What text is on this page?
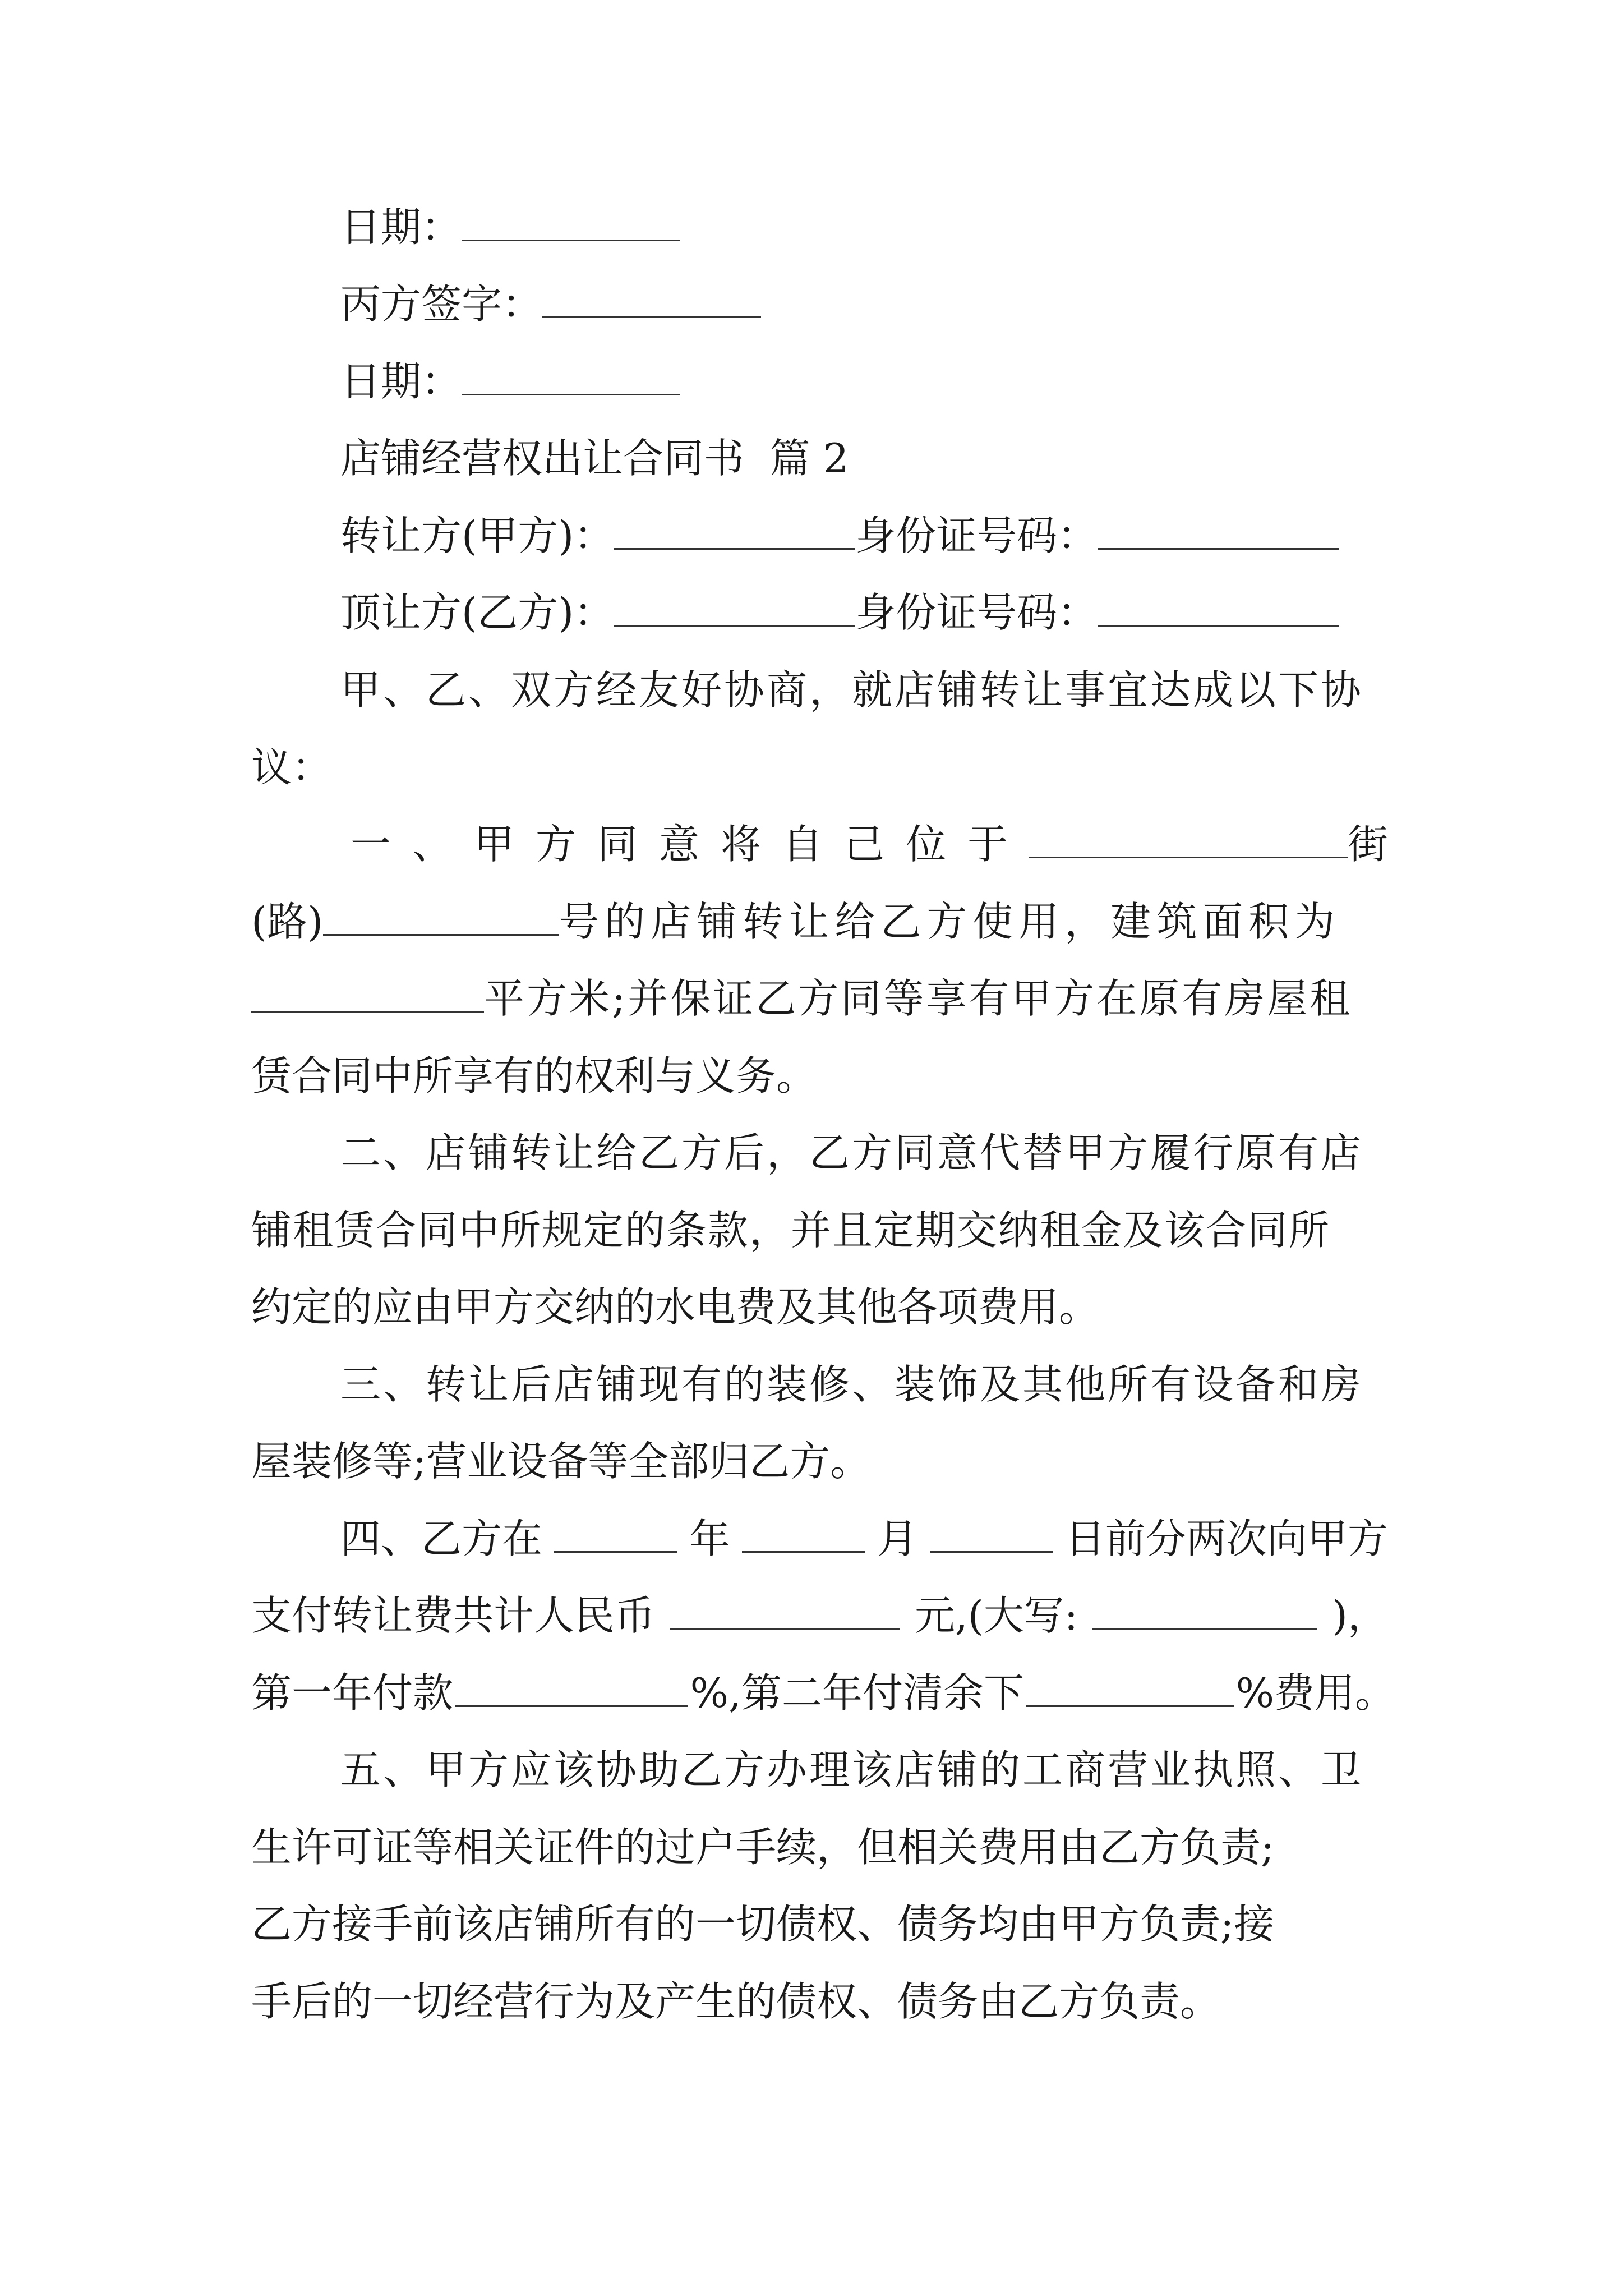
日期：
丙方签字：
日期：
店铺经营权出让合同书  篇 2
转让方(甲方)：	身份证号码：
顶让方(乙方)：	身份证号码：
甲、乙、双方经友好协商，就店铺转让事宜达成以下协
议：
一、甲方同意将自己位于	街
(路)	号的店铺转让给乙方使用，建筑面积为
平方米;并保证乙方同等享有甲方在原有房屋租
赁合同中所享有的权利与义务。
二、店铺转让给乙方后，乙方同意代替甲方履行原有店
铺租赁合同中所规定的条款，并且定期交纳租金及该合同所
约定的应由甲方交纳的水电费及其他各项费用。
三、转让后店铺现有的装修、装饰及其他所有设备和房
屋装修等;营业设备等全部归乙方。
四、乙方在	年	月	日前分两次向甲方
支付转让费共计人民币	元,(大写:	)，
第一年付款	%,第二年付清余下	%费用。
五、甲方应该协助乙方办理该店铺的工商营业执照、卫
生许可证等相关证件的过户手续，但相关费用由乙方负责;
乙方接手前该店铺所有的一切债权、债务均由甲方负责;接
手后的一切经营行为及产生的债权、债务由乙方负责。
